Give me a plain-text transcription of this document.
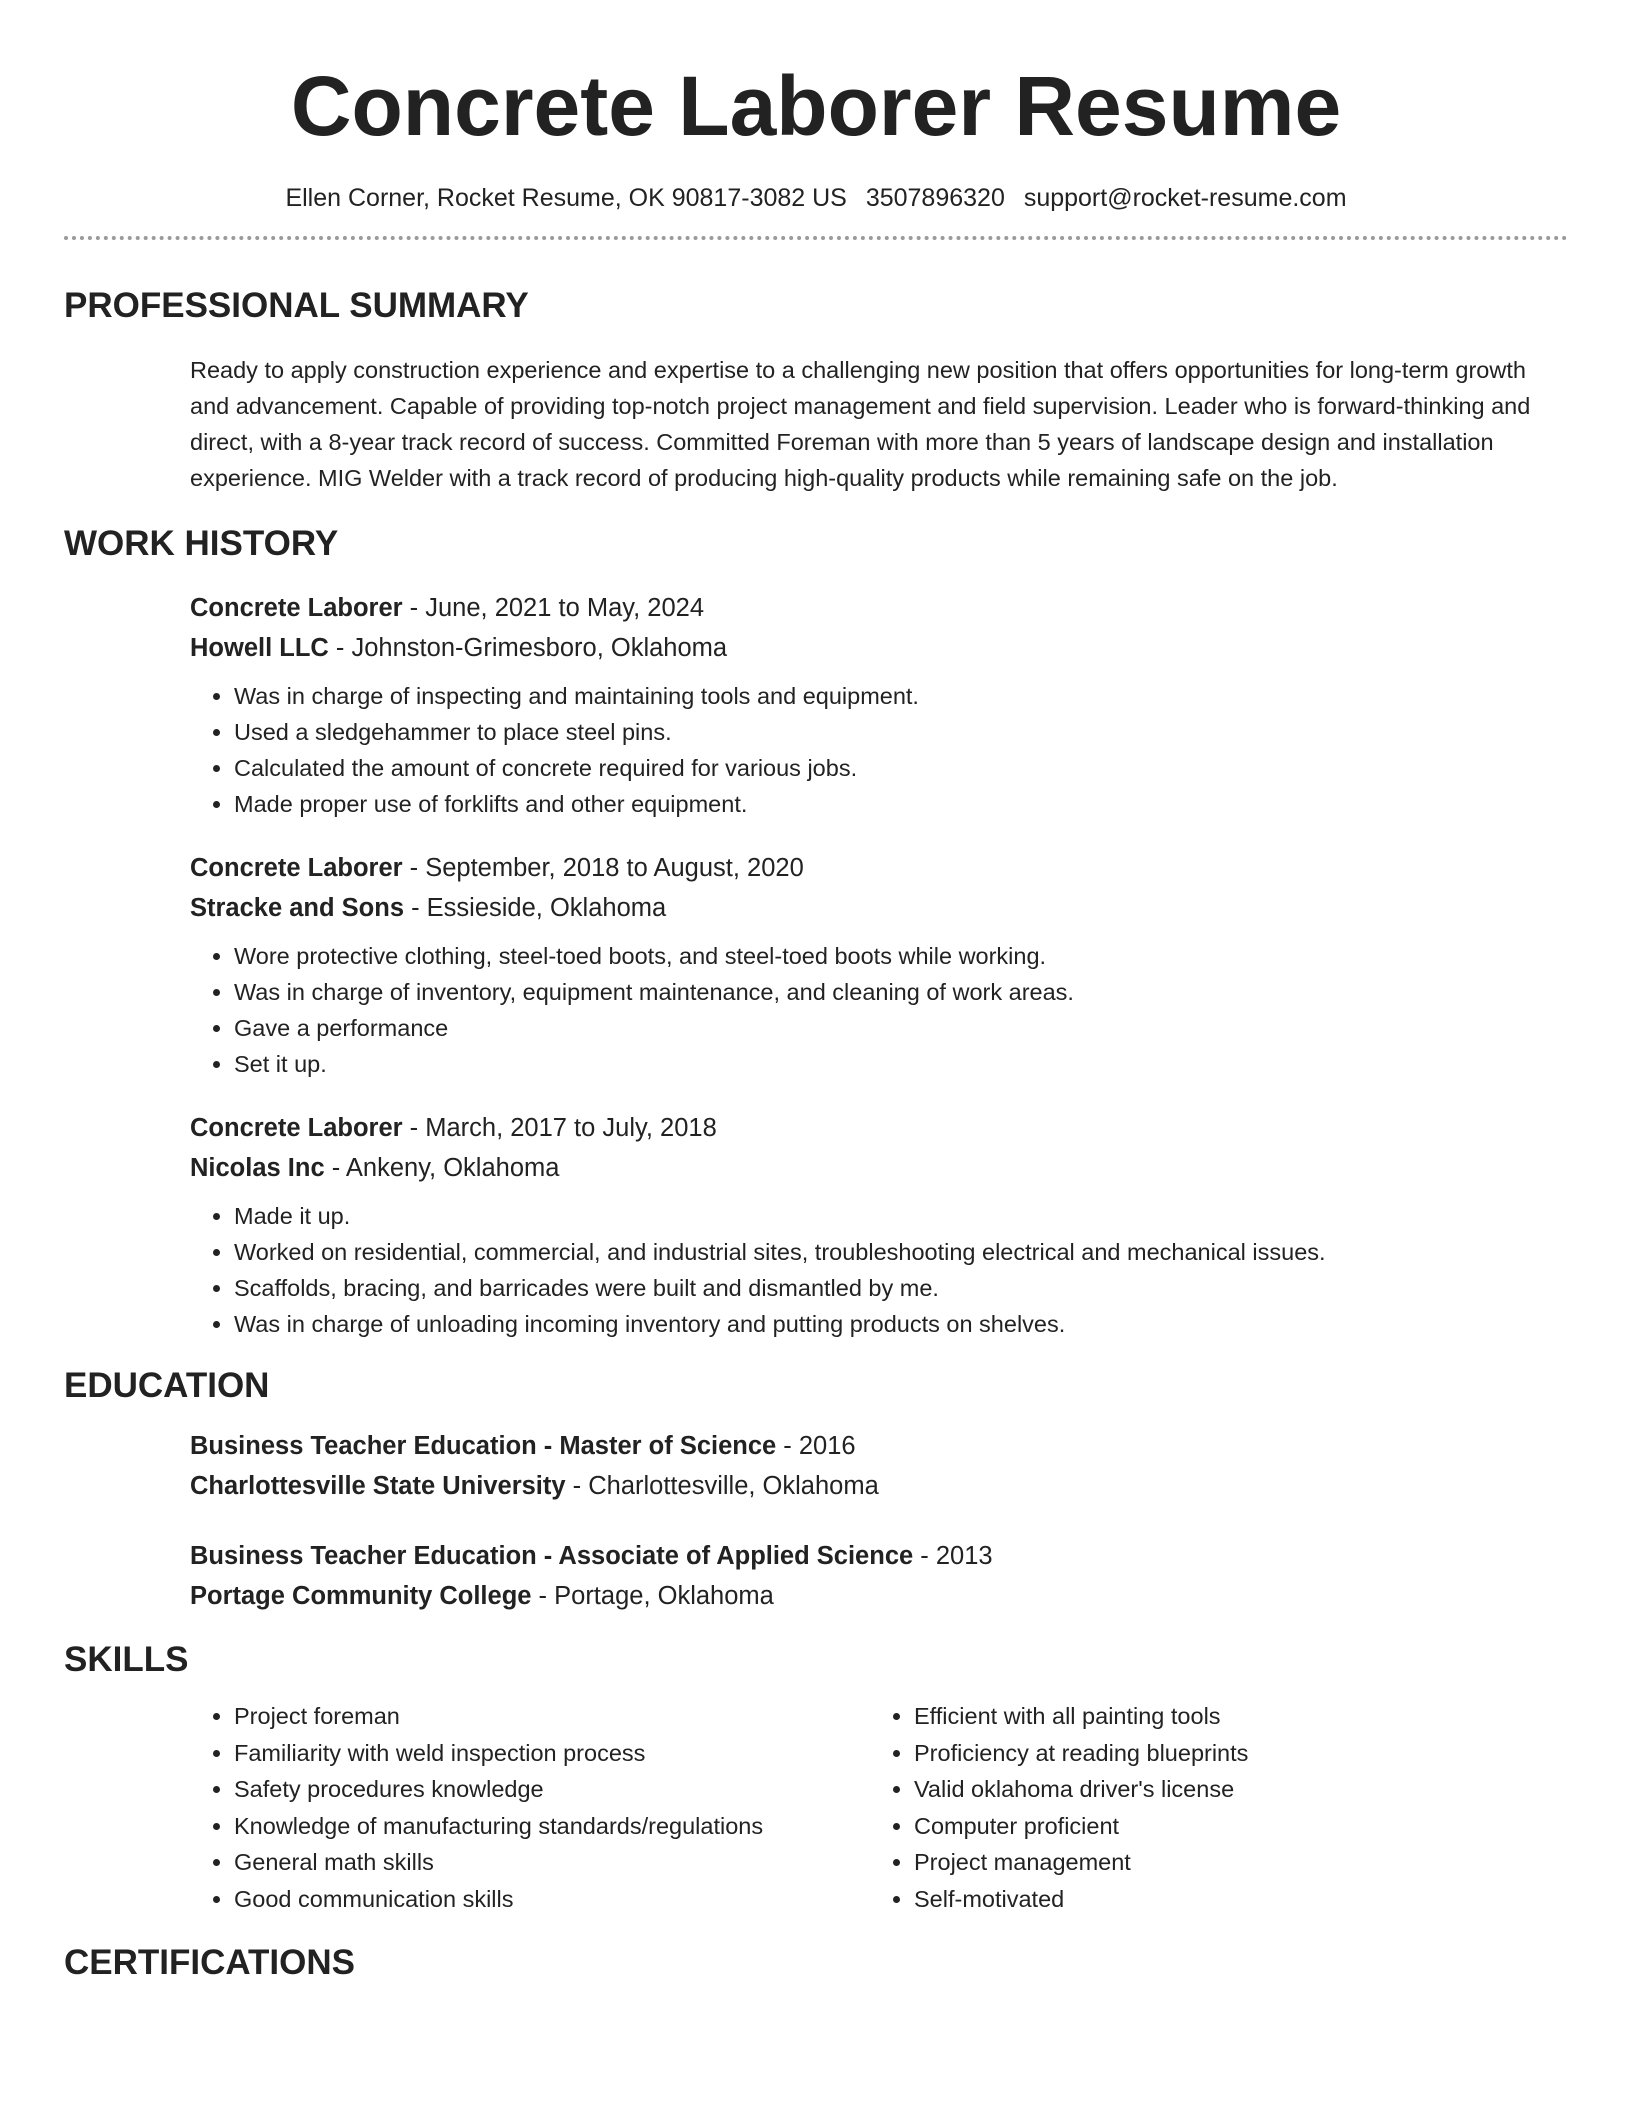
Concrete Laborer Resume
Ellen Corner, Rocket Resume, OK 90817-3082 US 3507896320 support@rocket-resume.com
PROFESSIONAL SUMMARY
Ready to apply construction experience and expertise to a challenging new position that offers opportunities for long-term growth and advancement. Capable of providing top-notch project management and field supervision. Leader who is forward-thinking and direct, with a 8-year track record of success. Committed Foreman with more than 5 years of landscape design and installation experience. MIG Welder with a track record of producing high-quality products while remaining safe on the job.
WORK HISTORY
Concrete Laborer - June, 2021 to May, 2024
Howell LLC - Johnston-Grimesboro, Oklahoma
• Was in charge of inspecting and maintaining tools and equipment.
• Used a sledgehammer to place steel pins.
• Calculated the amount of concrete required for various jobs.
• Made proper use of forklifts and other equipment.
Concrete Laborer - September, 2018 to August, 2020
Stracke and Sons - Essieside, Oklahoma
• Wore protective clothing, steel-toed boots, and steel-toed boots while working.
• Was in charge of inventory, equipment maintenance, and cleaning of work areas.
• Gave a performance
• Set it up.
Concrete Laborer - March, 2017 to July, 2018
Nicolas Inc - Ankeny, Oklahoma
• Made it up.
• Worked on residential, commercial, and industrial sites, troubleshooting electrical and mechanical issues.
• Scaffolds, bracing, and barricades were built and dismantled by me.
• Was in charge of unloading incoming inventory and putting products on shelves.
EDUCATION
Business Teacher Education - Master of Science - 2016
Charlottesville State University - Charlottesville, Oklahoma
Business Teacher Education - Associate of Applied Science - 2013
Portage Community College - Portage, Oklahoma
SKILLS
• Project foreman
• Familiarity with weld inspection process
• Safety procedures knowledge
• Knowledge of manufacturing standards/regulations
• General math skills
• Good communication skills
• Efficient with all painting tools
• Proficiency at reading blueprints
• Valid oklahoma driver's license
• Computer proficient
• Project management
• Self-motivated
CERTIFICATIONS
